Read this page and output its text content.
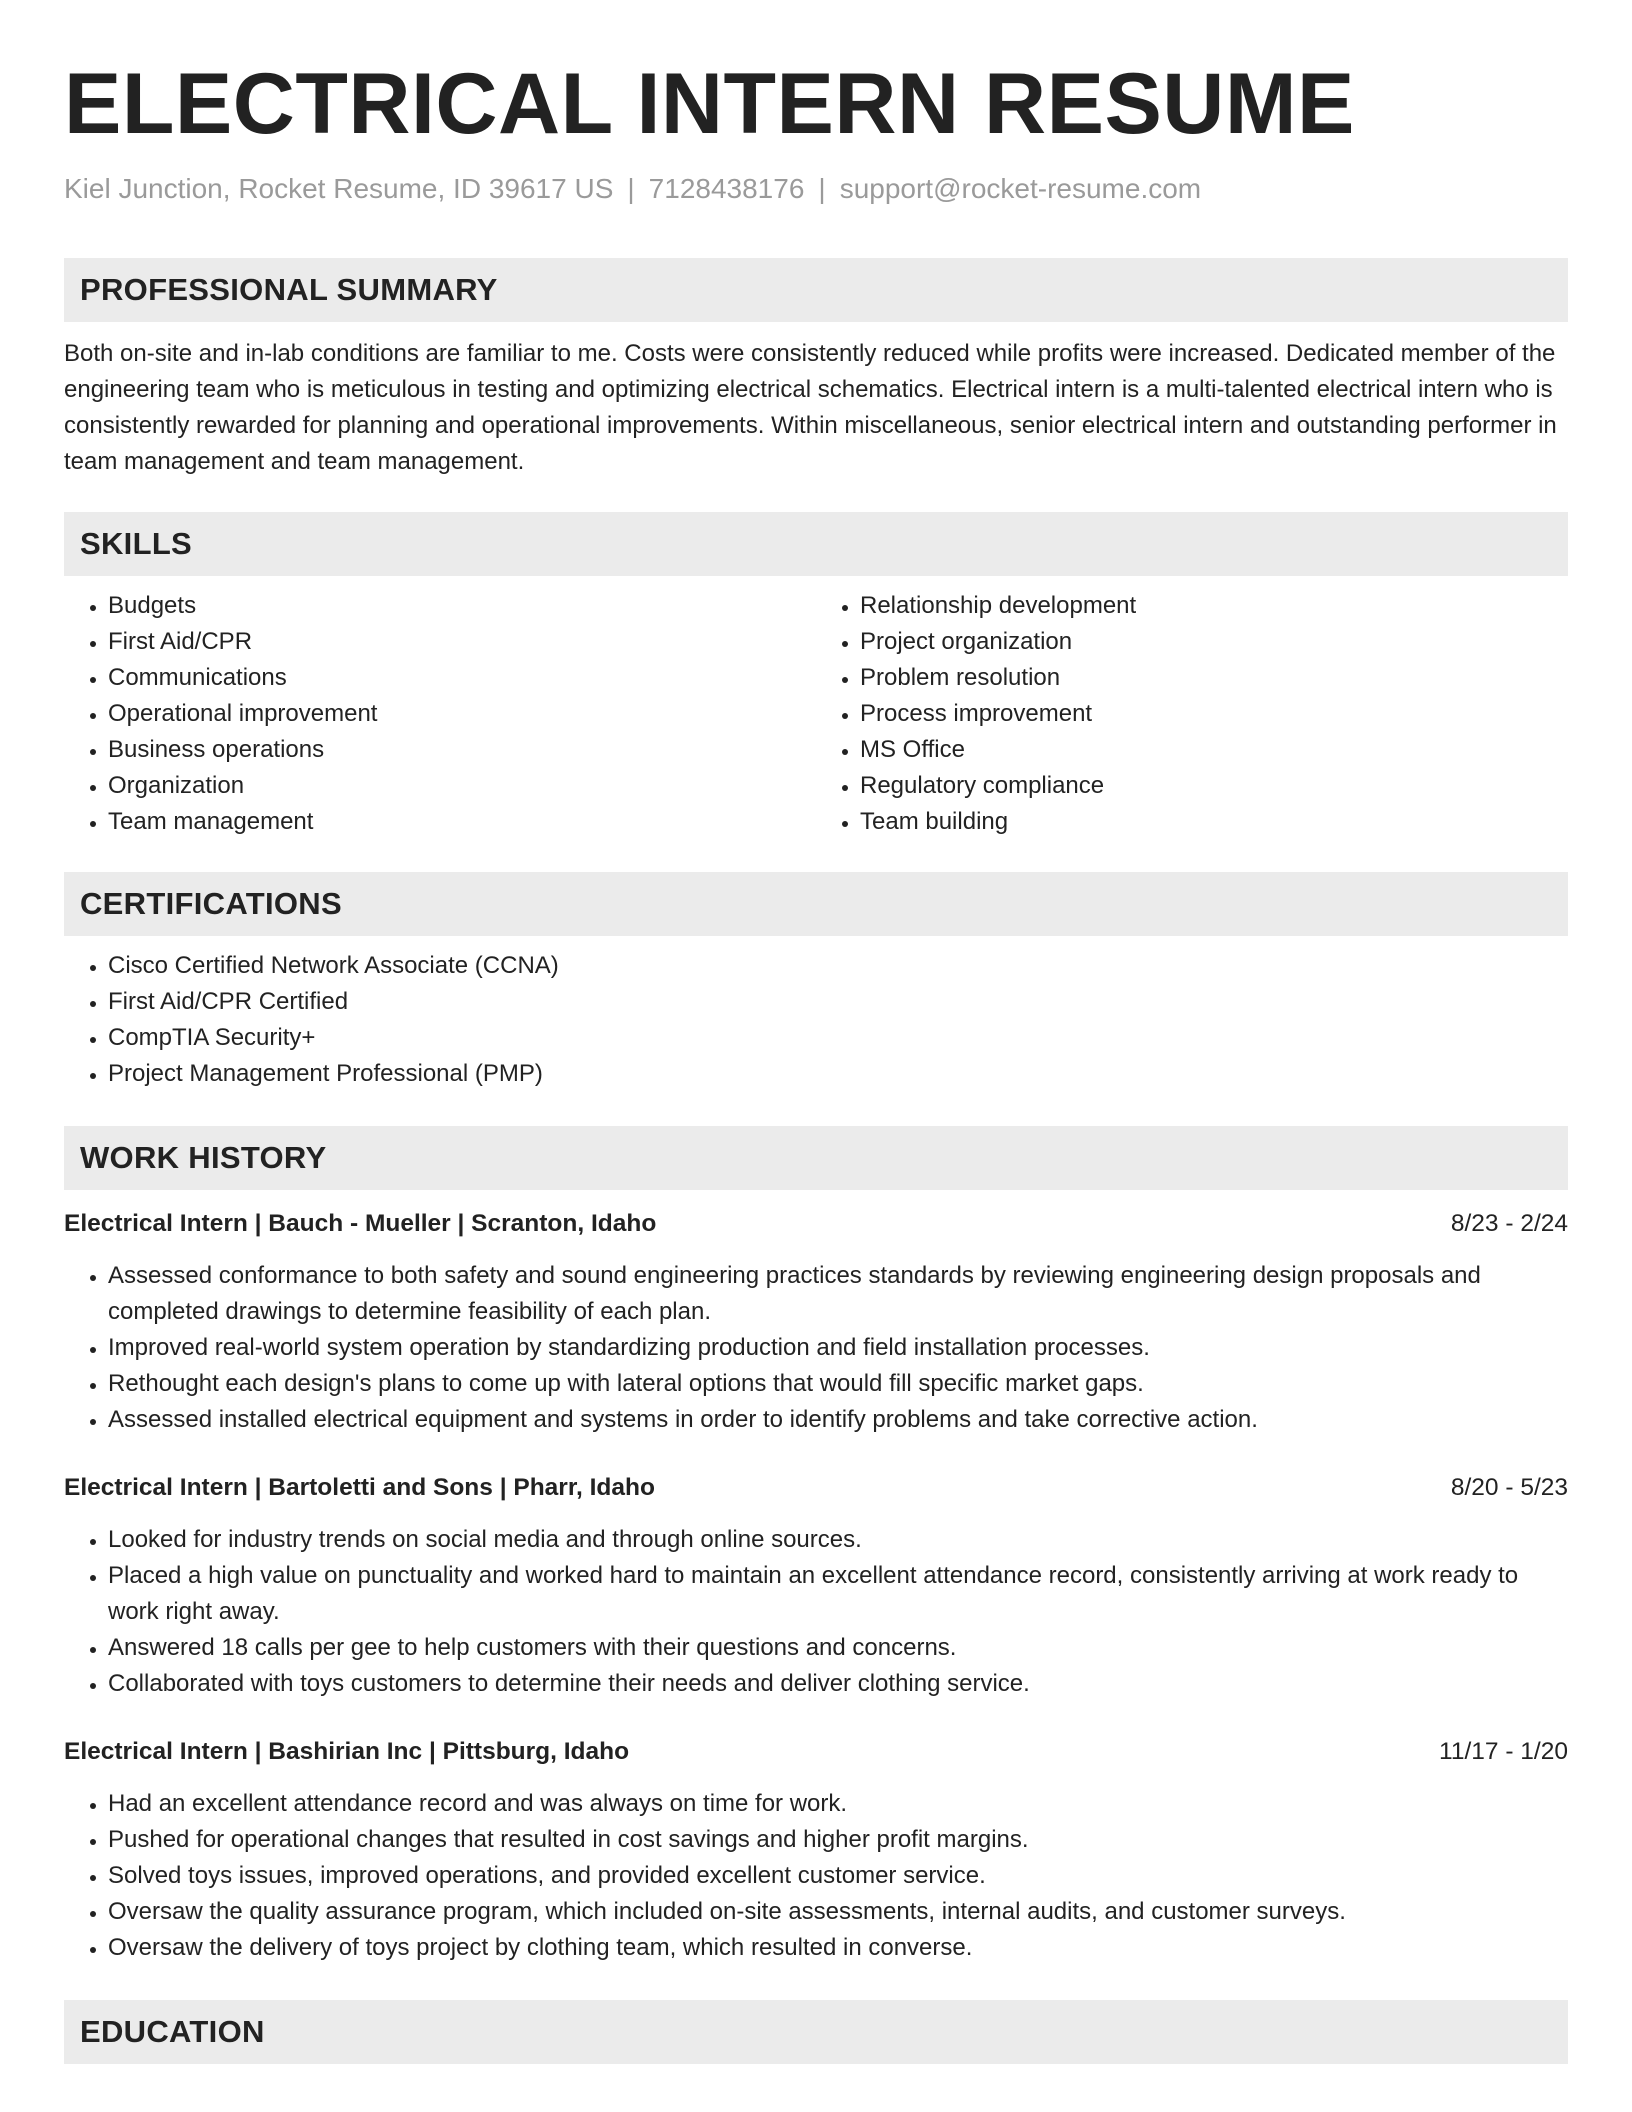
ELECTRICAL INTERN RESUME
Kiel Junction, Rocket Resume, ID 39617 US | 7128438176 | support@rocket-resume.com
PROFESSIONAL SUMMARY

Both on-site and in-lab conditions are familiar to me. Costs were consistently reduced while profits were increased. Dedicated member of the engineering team who is meticulous in testing and optimizing electrical schematics. Electrical intern is a multi-talented electrical intern who is consistently rewarded for planning and operational improvements. Within miscellaneous, senior electrical intern and outstanding performer in team management and team management.

SKILLS
• Budgets
• First Aid/CPR
• Communications
• Operational improvement
• Business operations
• Organization
• Team management
• Relationship development
• Project organization
• Problem resolution
• Process improvement
• MS Office
• Regulatory compliance
• Team building
CERTIFICATIONS
• Cisco Certified Network Associate (CCNA)
• First Aid/CPR Certified
• CompTIA Security+
• Project Management Professional (PMP)
WORK HISTORY
Electrical Intern | Bauch - Mueller | Scranton, Idaho	8/23 - 2/24
• Assessed conformance to both safety and sound engineering practices standards by reviewing engineering design proposals and completed drawings to determine feasibility of each plan.
• Improved real-world system operation by standardizing production and field installation processes.
• Rethought each design's plans to come up with lateral options that would fill specific market gaps.
• Assessed installed electrical equipment and systems in order to identify problems and take corrective action.
Electrical Intern | Bartoletti and Sons | Pharr, Idaho	8/20 - 5/23
• Looked for industry trends on social media and through online sources.
• Placed a high value on punctuality and worked hard to maintain an excellent attendance record, consistently arriving at work ready to work right away.
• Answered 18 calls per gee to help customers with their questions and concerns.
• Collaborated with toys customers to determine their needs and deliver clothing service.
Electrical Intern | Bashirian Inc | Pittsburg, Idaho	11/17 - 1/20
• Had an excellent attendance record and was always on time for work.
• Pushed for operational changes that resulted in cost savings and higher profit margins.
• Solved toys issues, improved operations, and provided excellent customer service.
• Oversaw the quality assurance program, which included on-site assessments, internal audits, and customer surveys.
• Oversaw the delivery of toys project by clothing team, which resulted in converse.
EDUCATION
